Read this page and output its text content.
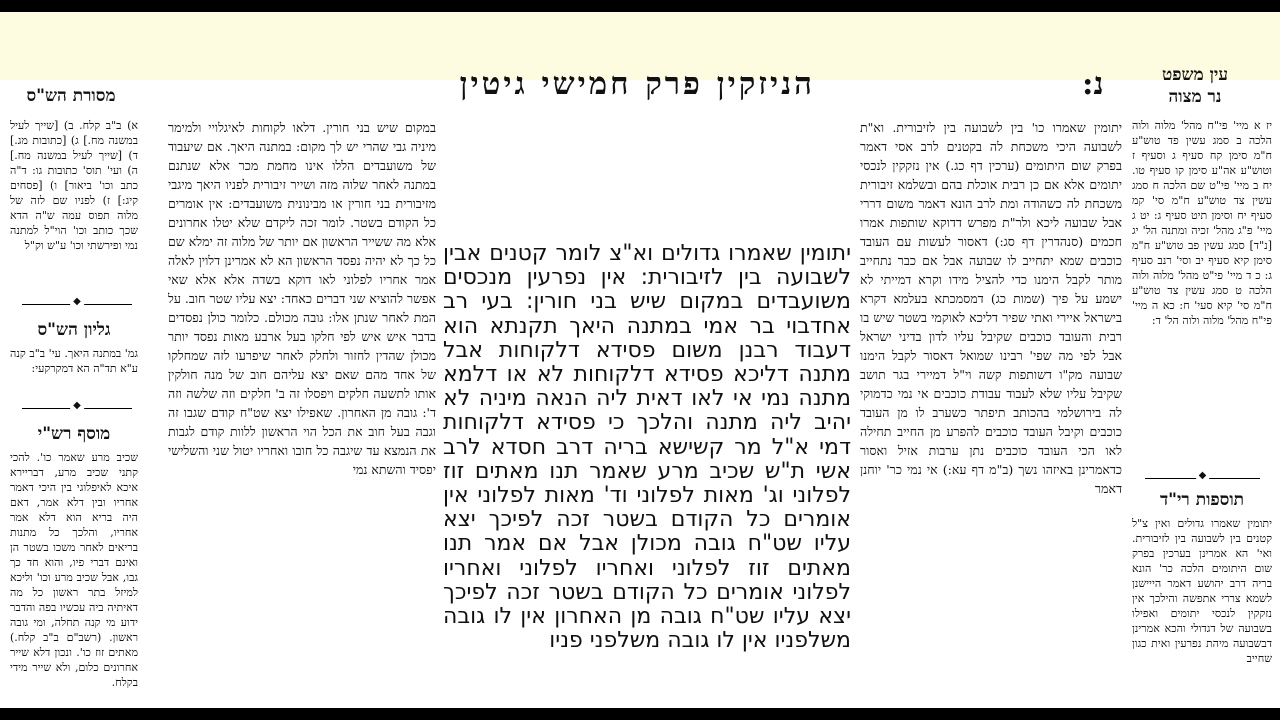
הניזקין פרק חמישי גיטין	נ:	עין משפט
נר מצוה
מסורת הש"ס

יז א מיי' פי"ח מהל' מלוה ולוה הלכה ב סמג עשין פד טוש"ע ח"מ סימן קח סעיף ג וסעיף ז וטוש"ע אה"ע סימן קו סעיף טו. יח ב מיי' פי"ט שם הלכה ח סמג עשין צד טוש"ע ח"מ סי' קמ סעיף יח וסימן תיט סעיף ג: יט ג מיי' פ"ג מהל' זכיה ומתנה הל' יג [נ"ד] סמג עשין פב טוש"ע ח"מ סימן קיא סעיף יב וסי' רנב סעיף ג: כ ד מיי' פי"ט מהל' מלוה ולוה הלכה ט סמג עשין צד טוש"ע ח"מ סי' קיא סעי' ח: כא ה מיי' פי"ח מהל' מלוה ולוה הל' ד:

◆
תוספות רי"ד

יתומין שאמרו גדולים ואין צ"ל קטנים בין לשבועה בין לזיבורית. ואי' הא אמרינן בערכין בפרק שום היתומים הלכה כר' הונא בריה דרב יהושע דאמר הייישנן לשמא צררי אתפשה והילכך אין נזקקין לנכסי יתומים ואפילו בשבועה של דגדולי והכא אמרינן דבשבועה מיהת נפרעין ואית כגון שחייב

יתומין שאמרו כו' בין לשבועה בין לזיבורית. וא"ת לשבועה היכי משכחת לה בקטנים לרב אסי דאמר בפרק שום היתומים (ערכין דף כג.) אין נזקקין לנכסי יתומים אלא אם כן רבית אוכלת בהם ובשלמא זיבורית משכחת לה כשהודה ומת לרב הונא דאמר משום דררי אבל שבועה ליכא ולר"ת מפרש דדוקא שותפות אמרו חכמים (סנהדרין דף סג:) דאסור לעשות עם העובד כוכבים שמא יתחייב לו שבועה אבל אם כבר נתחייב מותר לקבל הימנו כדי להציל מידו וקרא דמייתי לא ישמע על פיך (שמות כג) דמסמכתא בעלמא דקרא בישראל איירי ואתי שפיר דליכא לאוקמי בשטר שיש בו רבית והעובד כוכבים שקיבל עליו לדון בדיני ישראל אבל לפי מה שפי' רבינו שמואל דאסור לקבל הימנו שבועה מק"ו דשותפות קשה וי"ל דמיירי בגר תושב שקיבל עליו שלא לעבוד עבודת כוכבים אי נמי כדמוקי לה בירושלמי בהכותב תיפתר כשערב לו מן העובד כוכבים וקיבל העובד כוכבים להפרע מן החייב תחילה לאו הכי העובד כוכבים נתן ערבות אזיל ואסור כדאמרינן באיזהו נשך (ב"מ דף עא:) אי נמי כר' יוחנן דאמר

יתומין שאמרו גדולים וא"צ לומר קטנים אבין לשבועה בין לזיבורית: אין נפרעין מנכסים משועבדים במקום שיש בני חורין: בעי רב אחדבוי בר אמי במתנה היאך תקנתא הוא דעבוד רבנן משום פסידא דלקוחות אבל מתנה דליכא פסידא דלקוחות לא או דלמא מתנה נמי אי לאו דאית ליה הנאה מיניה לא יהיב ליה מתנה והלכך כי פסידא דלקוחות דמי א"ל מר קשישא בריה דרב חסדא לרב אשי ת"ש שכיב מרע שאמר תנו מאתים זוז לפלוני וג' מאות לפלוני וד' מאות לפלוני אין אומרים כל הקודם בשטר זכה לפיכך יצא עליו שט"ח גובה מכולן אבל אם אמר תנו מאתים זוז לפלוני ואחריו לפלוני ואחריו לפלוני אומרים כל הקודם בשטר זכה לפיכך יצא עליו שט"ח גובה מן האחרון אין לו גובה משלפניו אין לו גובה משלפני פניו

במקום שיש בני חורין. דלאו לקוחות לאיגלויי ולמימר מיניה גבי שהרי יש לך מקום: במתנה היאך. אם שיעבוד של משועבדים הללו אינו מחמת מכר אלא שנתנם במתנה לאחר שלוה מזה ושייר זיבורית לפניו היאך מיגבי מזיבורית בני חורין או מבינונית משועבדים: אין אומרים כל הקודם בשטר. לומר זכה ליקדם שלא יטלו אחרונים אלא מה ששייר הראשון אם יותר של מלוה זה ימלא שם כל כך לא יהיה נפסד הראשון הא לא אמרינן דלוין לאלה אמר אחריו לפלוני לאו דוקא בשדה אלא אלא שאי אפשר להוציא שני דברים כאחד: יצא עליו שטר חוב. על המת לאחר שנתן אלו: גובה מכולם. כלומר כולן נפסדים בדבר איש איש לפי חלקו בעל ארבע מאות נפסד יותר מכולן שהדין לחזור ולחלק לאחר שיפרעו לזה שמחלקו של אחד מהם שאם יצא עליהם חוב של מנה חולקין אותו לתשעה חלקים ויפסלו זה ב' חלקים וזה שלשה וזה ד': גובה מן האחרון. שאפילו יצא שט"ח קודם שגבו זה וגבה בעל חוב את הכל הוי הראשון ללוות קודם לגבות את הנמצא עד שיגבה כל חובו ואחריו יטול שני והשלישי יפסיד והשתא נמי

א) ב"ב קלח. ב) [שייך לעיל במשנה מח.] ג) [כתובות מג.] ד) [שייך לעיל במשנה מח.] ה) ועי' תוס' כתובות גו: ד"ה כתב וכו' ביאור] ו) [פסחים קיג:] ז) לפניו שם לזה של מלוה תפוס עמה ש"ה הדא שכך כותב וכו' הוי"ל למתנה נמי ופירשתי וכו' ע"ש וק"ל

◆
גליון הש"ס

גמ' במתנה היאך. עי' ב"ב קנה ע"א תד"ה הא דמקרקעי:

◆
מוסף רש"י

שכיב מרע שאמר כו'. להכי קתני שכיב מרע, דבריירא איכא לאיפלוגי בין היכי דאמר אחריו ובין דלא אמר, דאם היה בריא הוא דלא אמר אחריו, והלכך כל מתנות בריאים לאחר משכו בשטר הן ואינם דברי פיו, והוא חד כך גבו, אבל שכיב מרע וכו' וליכא למיזל בתר ראשון כל מה דאיתיה ביה עכשיו בפה והדבר ידוע מי קנה תחלה, ומי גובה ראשון. (רשב"ם ב"ב קלח.) מאתים זוז כו'. ונכון דלא שייר אחרונים כלום, ולא שייר מידי בקלח.
